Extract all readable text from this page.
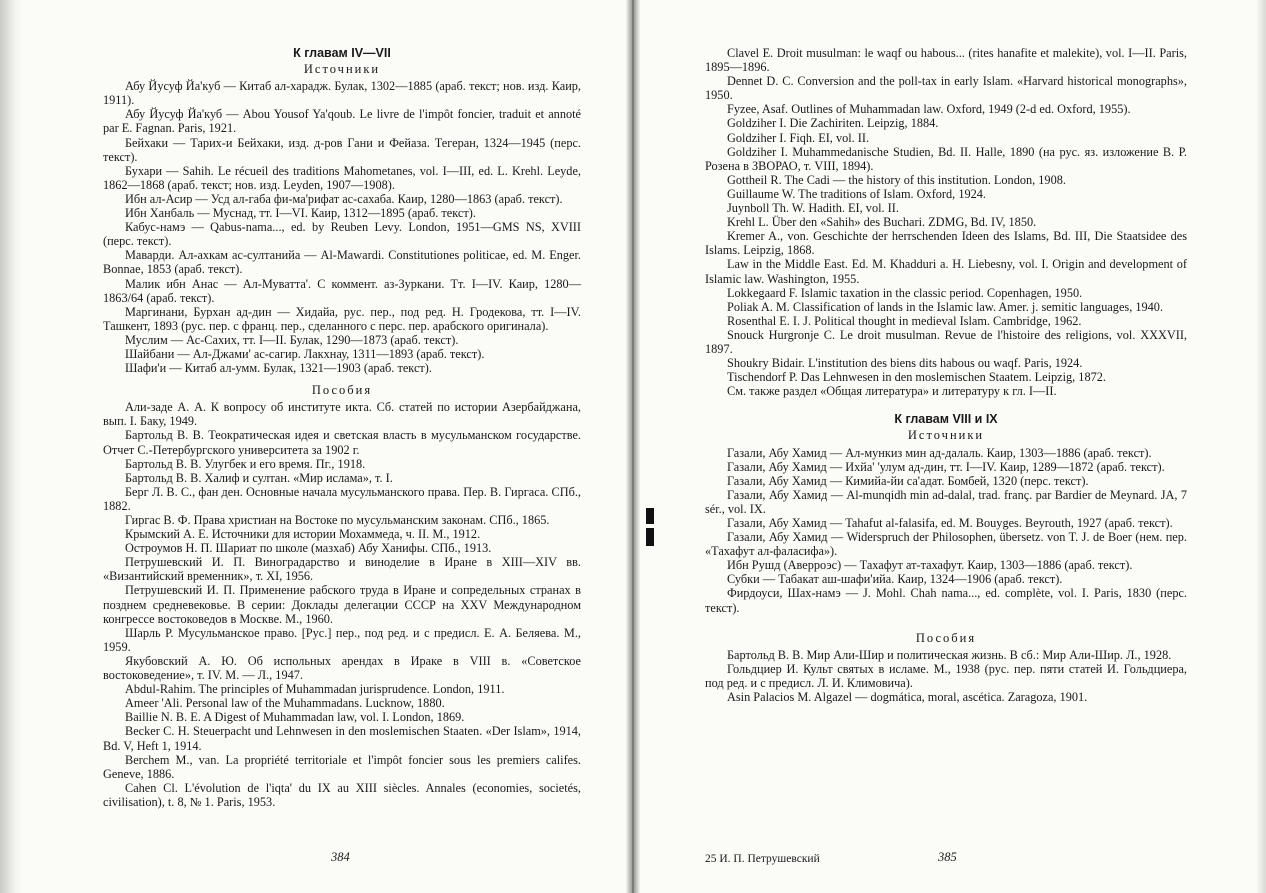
К главам IV—VII

Источники

Абу Йусуф Йа'куб — Китаб ал-харадж. Булак, 1302—1885 (араб. текст; нов. изд. Каир, 1911).

Абу Йусуф Йа'куб — Abou Yousof Ya'qoub. Le livre de l'impôt foncier, traduit et annoté par E. Fagnan. Paris, 1921.

Бейхаки — Тарих-и Бейхаки, изд. д-ров Гани и Фейаза. Тегеран, 1324—1945 (перс. текст).

Бухари — Sahih. Le récueil des traditions Mahometanes, vol. I—III, ed. L. Krehl. Leyde, 1862—1868 (араб. текст; нов. изд. Leyden, 1907—1908).

Ибн ал-Асир — Усд ал-габа фи-ма'рифат ас-сахаба. Каир, 1280—1863 (араб. текст).

Ибн Ханбаль — Муснад, тт. I—VI. Каир, 1312—1895 (араб. текст).

Кабус-намэ — Qabus-nama..., ed. by Reuben Levy. London, 1951—GMS NS, XVIII (перс. текст).

Маварди. Ал-ахкам ас-султанийа — Al-Mawardi. Constitutiones politicae, ed. M. Enger. Bonnae, 1853 (араб. текст).

Малик ибн Анас — Ал-Муватта'. С коммент. аз-Зуркани. Тт. I—IV. Каир, 1280—1863/64 (араб. текст).

Маргинани, Бурхан ад-дин — Хидайа, рус. пер., под ред. Н. Гродекова, тт. I—IV. Ташкент, 1893 (рус. пер. с франц. пер., сделанного с перс. пер. арабского оригинала).

Муслим — Ас-Сахих, тт. I—II. Булак, 1290—1873 (араб. текст).

Шайбани — Ал-Джами' ас-сагир. Лакхнау, 1311—1893 (араб. текст).

Шафи'и — Китаб ал-умм. Булак, 1321—1903 (араб. текст).

Пособия

Али-заде А. А. К вопросу об институте икта. Сб. статей по истории Азербайджана, вып. I. Баку, 1949.

Бартольд В. В. Теократическая идея и светская власть в мусульманском государстве. Отчет С.-Петербургского университета за 1902 г.

Бартольд В. В. Улугбек и его время. Пг., 1918.

Бартольд В. В. Халиф и султан. «Мир ислама», т. I.

Берг Л. В. С., фан ден. Основные начала мусульманского права. Пер. В. Гиргаса. СПб., 1882.

Гиргас В. Ф. Права христиан на Востоке по мусульманским законам. СПб., 1865.

Крымский А. Е. Источники для истории Мохаммеда, ч. II. М., 1912.

Остроумов Н. П. Шариат по школе (мазхаб) Абу Ханифы. СПб., 1913.

Петрушевский И. П. Виноградарство и виноделие в Иране в XIII—XIV вв. «Византийский временник», т. XI, 1956.

Петрушевский И. П. Применение рабского труда в Иране и сопредельных странах в позднем средневековье. В серии: Доклады делегации СССР на XXV Международном конгрессе востоковедов в Москве. М., 1960.

Шарль Р. Мусульманское право. [Рус.] пер., под ред. и с предисл. Е. А. Беляева. М., 1959.

Якубовский А. Ю. Об испольных арендах в Ираке в VIII в. «Советское востоковедение», т. IV. М. — Л., 1947.

Abdul-Rahim. The principles of Muhammadan jurisprudence. London, 1911.

Ameer 'Ali. Personal law of the Muhammadans. Lucknow, 1880.

Baillie N. B. E. A Digest of Muhammadan law, vol. I. London, 1869.

Becker C. H. Steuerpacht und Lehnwesen in den moslemischen Staaten. «Der Islam», 1914, Bd. V, Heft 1, 1914.

Berchem M., van. La propriété territoriale et l'impôt foncier sous les premiers califes. Geneve, 1886.

Cahen Cl. L'évolution de l'iqta' du IX au XIII siècles. Annales (economies, societés, civilisation), t. 8, № 1. Paris, 1953.

384

Clavel E. Droit musulman: le waqf ou habous... (rites hanafite et malekite), vol. I—II. Paris, 1895—1896.

Dennet D. C. Conversion and the poll-tax in early Islam. «Harvard historical monographs», 1950.

Fyzee, Asaf. Outlines of Muhammadan law. Oxford, 1949 (2-d ed. Oxford, 1955).

Goldziher I. Die Zachiriten. Leipzig, 1884.

Goldziher I. Fiqh. EI, vol. II.

Goldziher I. Muhammedanische Studien, Bd. II. Halle, 1890 (на рус. яз. изложение В. Р. Розена в ЗВОРАО, т. VIII, 1894).

Gottheil R. The Cadi — the history of this institution. London, 1908.

Guillaume W. The traditions of Islam. Oxford, 1924.

Juynboll Th. W. Hadith. EI, vol. II.

Krehl L. Über den «Sahih» des Buchari. ZDMG, Bd. IV, 1850.

Kremer A., von. Geschichte der herrschenden Ideen des Islams, Bd. III, Die Staatsidee des Islams. Leipzig, 1868.

Law in the Middle East. Ed. M. Khadduri a. H. Liebesny, vol. I. Origin and development of Islamic law. Washington, 1955.

Lokkegaard F. Islamic taxation in the classic period. Copenhagen, 1950.

Poliak A. M. Classification of lands in the Islamic law. Amer. j. semitic languages, 1940.

Rosenthal E. I. J. Political thought in medieval Islam. Cambridge, 1962.

Snouck Hurgronje C. Le droit musulman. Revue de l'histoire des religions, vol. XXXVII, 1897.

Shoukry Bidair. L'institution des biens dits habous ou waqf. Paris, 1924.

Tischendorf P. Das Lehnwesen in den moslemischen Staatem. Leipzig, 1872.

См. также раздел «Общая литература» и литературу к гл. I—II.

К главам VIII и IX

Источники

Газали, Абу Хамид — Ал-мункиз мин ад-далаль. Каир, 1303—1886 (араб. текст).

Газали, Абу Хамид — Ихйа' 'улум ад-дин, тт. I—IV. Каир, 1289—1872 (араб. текст).

Газали, Абу Хамид — Кимийа-йи са'адат. Бомбей, 1320 (перс. текст).

Газали, Абу Хамид — Al-munqidh min ad-dalal, trad. franç. par Bardier de Meynard. JA, 7 sér., vol. IX.

Газали, Абу Хамид — Tahafut al-falasifa, ed. M. Bouyges. Beyrouth, 1927 (араб. текст).

Газали, Абу Хамид — Widerspruch der Philosophen, übersetz. von T. J. de Boer (нем. пер. «Тахафут ал-фаласифа»).

Ибн Рушд (Аверроэс) — Тахафут ат-тахафут. Каир, 1303—1886 (араб. текст).

Субки — Табакат аш-шафи'ийа. Каир, 1324—1906 (араб. текст).

Фирдоуси, Шах-намэ — J. Mohl. Chah nama..., ed. complète, vol. I. Paris, 1830 (перс. текст).

Пособия

Бартольд В. В. Мир Али-Шир и политическая жизнь. В сб.: Мир Али-Шир. Л., 1928.

Гольдциер И. Культ святых в исламе. М., 1938 (рус. пер. пяти статей И. Гольдциера, под ред. и с предисл. Л. И. Климовича).

Asin Palacios M. Algazel — dogmática, moral, ascética. Zaragoza, 1901.

25 И. П. Петрушевский	385
